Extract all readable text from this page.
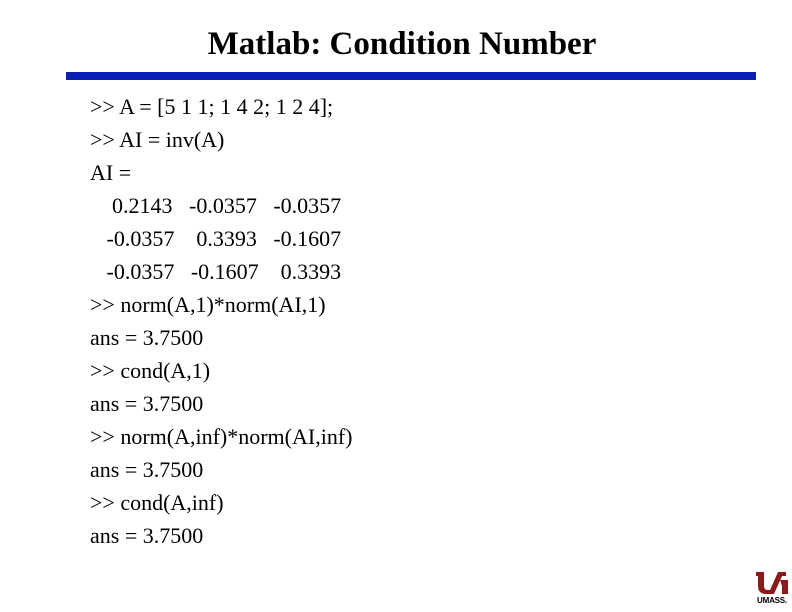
Matlab: Condition Number
>> A = [5 1 1; 1 4 2; 1 2 4];
>> AI = inv(A)
AI =
0.2143   -0.0357   -0.0357
-0.0357    0.3393   -0.1607
-0.0357   -0.1607    0.3393
>> norm(A,1)*norm(AI,1)
ans = 3.7500
>> cond(A,1)
ans = 3.7500
>> norm(A,inf)*norm(AI,inf)
ans = 3.7500
>> cond(A,inf)
ans = 3.7500
UMASS.
